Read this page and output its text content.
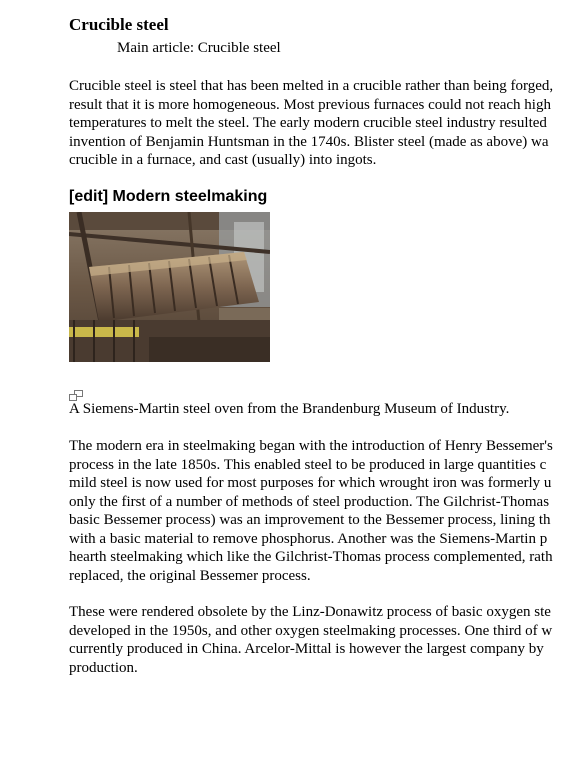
Crucible steel
Main article: Crucible steel

Crucible steel is steel that has been melted in a crucible rather than being forged,
result that it is more homogeneous. Most previous furnaces could not reach high
temperatures to melt the steel. The early modern crucible steel industry resulted
invention of Benjamin Huntsman in the 1740s. Blister steel (made as above) wa
crucible in a furnace, and cast (usually) into ingots.

[edit] Modern steelmaking
A Siemens-Martin steel oven from the Brandenburg Museum of Industry.

The modern era in steelmaking began with the introduction of Henry Bessemer's
process in the late 1850s. This enabled steel to be produced in large quantities c
mild steel is now used for most purposes for which wrought iron was formerly u
only the first of a number of methods of steel production. The Gilchrist-Thomas
basic Bessemer process) was an improvement to the Bessemer process, lining th
with a basic material to remove phosphorus. Another was the Siemens-Martin p
hearth steelmaking which like the Gilchrist-Thomas process complemented, rath
replaced, the original Bessemer process.

These were rendered obsolete by the Linz-Donawitz process of basic oxygen ste
developed in the 1950s, and other oxygen steelmaking processes. One third of w
currently produced in China. Arcelor-Mittal is however the largest company by
production.
